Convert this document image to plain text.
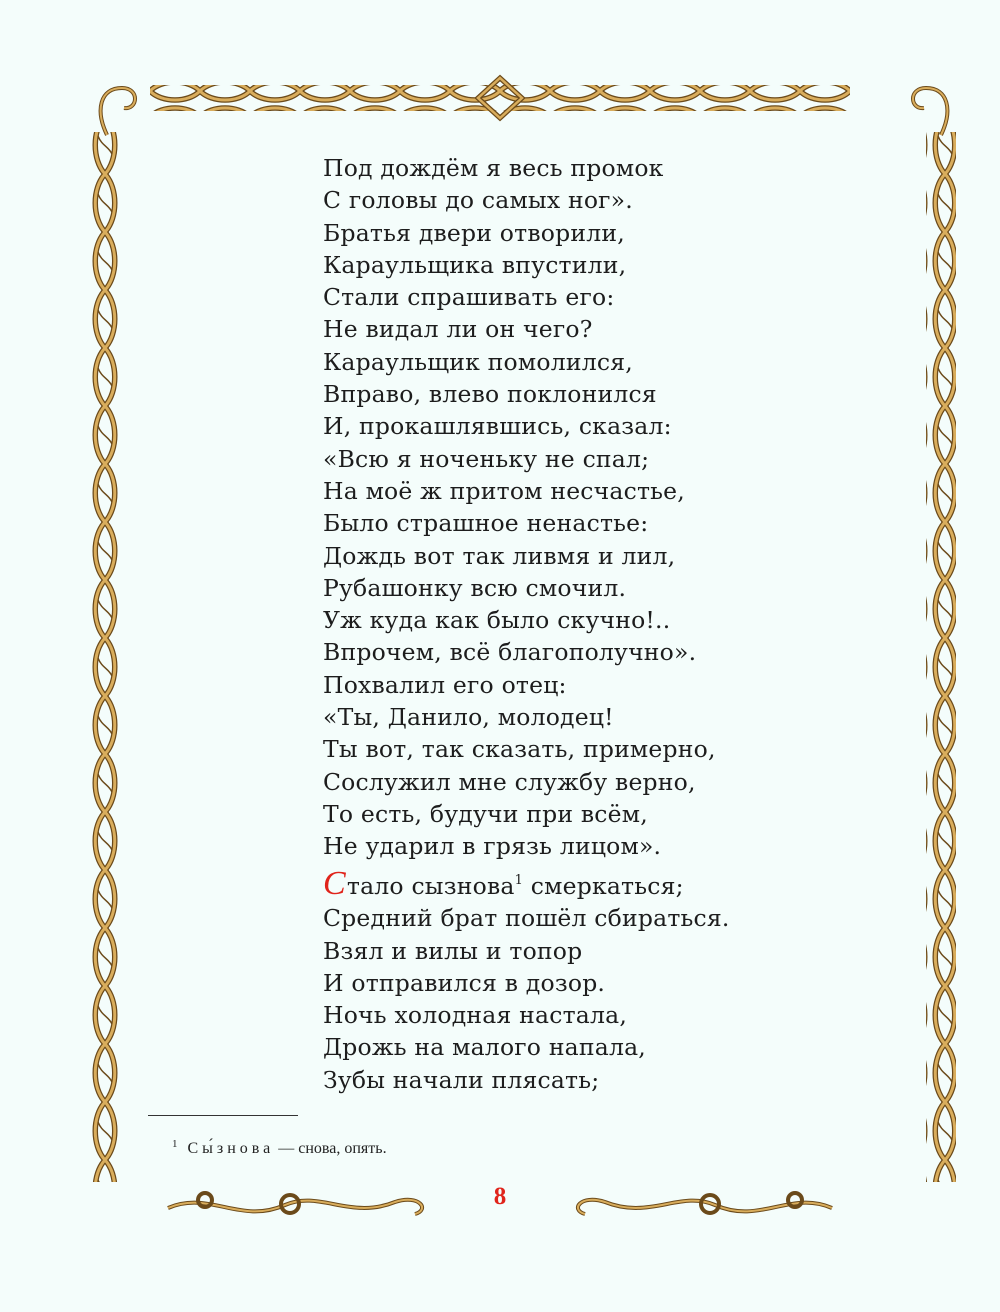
Под дождём я весь промок
С головы до самых ног».
Братья двери отворили,
Караульщика впустили,
Стали спрашивать его:
Не видал ли он чего?
Караульщик помолился,
Вправо, влево поклонился
И, прокашлявшись, сказал:
«Всю я ноченьку не спал;
На моё ж притом несчастье,
Было страшное ненастье:
Дождь вот так ливмя и лил,
Рубашонку всю смочил.
Уж куда как было скучно!..
Впрочем, всё благополучно».
Похвалил его отец:
«Ты, Данило, молодец!
Ты вот, так сказать, примерно,
Сослужил мне службу верно,
То есть, будучи при всём,
Не ударил в грязь лицом».
Стало сызнова$^1$ смеркаться;
Средний брат пошёл сбираться.
Взял и вилы и топор
И отправился в дозор.
Ночь холодная настала,
Дрожь на малого напала,
Зубы начали плясать;
$^1$ Сы́знова — снова, опять.
8
